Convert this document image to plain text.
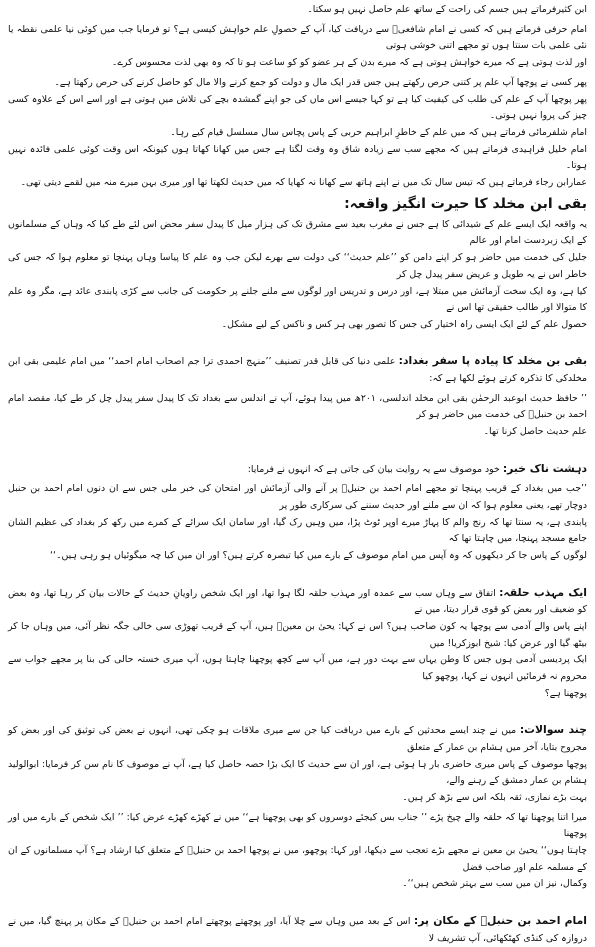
ابن کثیرفرماتے ہیں جسم کی راحت کے ساتھ علم حاصل نہیں ہو سکتا۔

امام حرفی فرماتے ہیں کہ کسی نے امام شافعیؒ سے دریافت کیا، آپ کے حصولِ علم خواہش کیسی ہے؟ تو فرمایا جب میں کوئی نیا علمی نقطہ یا نئی علمی بات سنتا ہوں تو مجھے اتنی خوشی ہوتی
اور لذت ہوتی ہے کہ میرے خواہش ہوتی ہے کہ میرے بدن کے ہر عضو کو کو ساعت ہو تا کہ وہ بھی لذت محسوس کرے۔

پھر کسی نے پوچھا آپ علم پر کتنی حرص رکھتے ہیں جس قدر ایک مال و دولت کو جمع کرنے والا مال کو حاصل کرنے کی حرص رکھتا ہے۔
پھر پوچھا آپ کے علم کی طلب کی کیفیت کیا ہے تو کہا جیسے اس ماں کی جو اپنے گمشدہ بچے کی تلاش میں ہوتی ہے اور اسے اس کے علاوہ کسی چیز کی پروا نہیں ہوتی۔
امام شلفرمائی فرماتے ہیں کہ میں علم کے خاطرِ ابراہیم حربی کے پاس پچاس سال مسلسل قیام کیے رہا۔
امام خلیل فراہیدی فرماتے ہیں کہ مجھے سب سے زیادہ شاق وہ وقت لگتا ہے جس میں کھانا کھاتا ہوں کیونکہ اس وقت کوئی علمی فائدہ نہیں ہوتا۔
عمارابن رجاء فرماتے ہیں کہ تیس سال تک میں نے اپنے ہاتھ سے کھانا نہ کھایا کہ میں حدیث لکھتا تھا اور میری بہن میرے منہ میں لقمے دیتی تھی۔

بقی ابن مخلد کا حیرت انگیز واقعہ:

یہ واقعہ ایک ایسے علم کے شیدائی کا ہے جس نے مغرب بعید سے مشرق تک کی ہزار میل کا پیدل سفر محض اس لئے طے کیا کہ وہاں کے مسلمانوں کے ایک زبردست امام اور عالم
جلیل کی خدمت میں حاضر ہو کر اپنے دامن کو ’’علم حدیث‘‘ کی دولت سے بھرے لیکن جب وہ علم کا پیاسا وہاں پہنچا تو معلوم ہوا کہ جس کی خاطر اس نے یہ طویل و عریض سفر پیدل چل کر
کیا ہے، وہ ایک سخت آزمائش میں مبتلا ہے، اور درس و تدریس اور لوگوں سے ملنے جلنے پر حکومت کی جانب سے کڑی پابندی عائد ہے، مگر وہ علم کا متوالا اور طالب حقیقی تھا اس نے
حصول علم کے لئے ایک ایسی راہ اختیار کی جس کا تصور بھی ہر کس و ناکس کے لیے مشکل۔

بقی بن مخلد کا پیادہ پا سفر بغداد: علمی دنیا کی قابل قدر تصنیف ’’منہج احمدی ترا جم اصحاب امام احمد‘‘ میں امام علیمی بقی ابن مخلدکی کا تذکرہ کرتے ہوئے لکھا ہے کہ:

’’ حافظ حدیث ابوعبد الرحمٰن بقی ابن مخلد اندلسی، ۲۰۱ھ میں پیدا ہوئے، آپ نے اندلس سے بغداد تک کا پیدل سفر پیدل چل کر طے کیا، مقصد امام احمد بن حنبلؒ کی خدمت میں حاضر ہو کر
علم حدیث حاصل کرنا تھا۔

دہشت ناک خبر: خود موصوف سے یہ روایت بیان کی جاتی ہے کہ انہوں نے فرمایا:

’’جب میں بغداد کے قریب پہنچا تو مجھے امام احمد بن حنبلؒ پر آنے والی آزمائش اور امتحان کی خبر ملی جس سے ان دنوں امام احمد بن حنبل دوچار تھے، یعنی معلوم ہوا کہ ان سے ملنے اور حدیث سننے کی سرکاری طور پر
پابندی ہے، یہ سنتا تھا کہ رنج والم کا پہاڑ میرے اوپر ٹوٹ پڑا، میں وہیں رک گیا، اور سامان ایک سرائے کے کمرے میں رکھ کر بغداد کی عظیم الشان جامع مسجد پہنچا، میں چاہتا تھا کہ
لوگوں کے پاس جا کر دیکھوں کہ وہ آپس میں امام موصوف کے بارے میں کیا تبصرہ کرتے ہیں؟ اور ان میں کیا چہ میگوئیاں ہو رہی ہیں۔‘‘

ایک مہذب حلقہ: اتفاق سے وہاں سب سے عمدہ اور مہذب حلقہ لگا ہوا تھا، اور ایک شخص راویانِ حدیث کے حالات بیان کر رہا تھا، وہ بعض کو ضعیف اور بعض کو قوی قرار دیتا، میں نے
اپنے پاس والے آدمی سے پوچھا یہ کون صاحب ہیں؟ اس نے کہا: یحیٰ بن معینؒ ہیں، آپ کے قریب تھوڑی سی خالی جگہ نظر آئی، میں وہاں جا کر بیٹھ گیا اور عرض کیا: شیخ ابوزکریا! میں
ایک پردیسی آدمی ہوں جس کا وطن یہاں سے بہت دور ہے، میں آپ سے کچھ پوچھنا چاہتا ہوں، آپ میری خستہ حالی کی بنا پر مجھے جواب سے محروم نہ فرمائیں انہوں نے کہا، پوچھو کیا
پوچھنا ہے؟

چند سوالات: میں نے چند ایسے محدثین کے بارے میں دریافت کیا جن سے میری ملاقات ہو چکی تھی، انہوں نے بعض کی توثیق کی اور بعض کو مجروح بتایا، آخر میں ہشام بن عمار کے متعلق
پوچھا موصوف کے پاس میری حاضری بار ہا ہوئی ہے، اور ان سے حدیث کا ایک بڑا حصہ حاصل کیا ہے، آپ نے موصوف کا نام سن کر فرمایا: ابوالولید ہشام بن عمار دمشق کے رہنے والے،
بہت بڑے نمازی، ثقہ بلکہ اس سے بڑھ کر ہیں۔

میرا اتنا پوچھنا تھا کہ حلقہ والے چیخ پڑے ’’ جناب بس کیجئے دوسروں کو بھی پوچھنا ہے‘‘ میں نے کھڑے کھڑے عرض کیا: ’’ ایک شخص کے بارے میں اور پوچھنا
چاہتا ہوں‘‘ یحییٰ بن معین نے مجھے بڑے تعجب سے دیکھا، اور کہا: پوچھو، میں نے پوچھا احمد بن حنبلؒ کے متعلق کیا ارشاد ہے؟ آپ مسلمانوں کے ان کے مسلمہ علم اور صاحب فضل
وکمال، نیز ان میں سب سے بہتر شخص ہیں‘‘۔

امام احمد بن حنبلؒ کے مکان پر: اس کے بعد میں وہاں سے چلا آیا، اور پوچھتے پوچھتے امام احمد بن حنبلؒ کے مکان پر پہنچ گیا، میں نے دروازہ کی کنڈی کھٹکھائی، آپ تشریف لا
